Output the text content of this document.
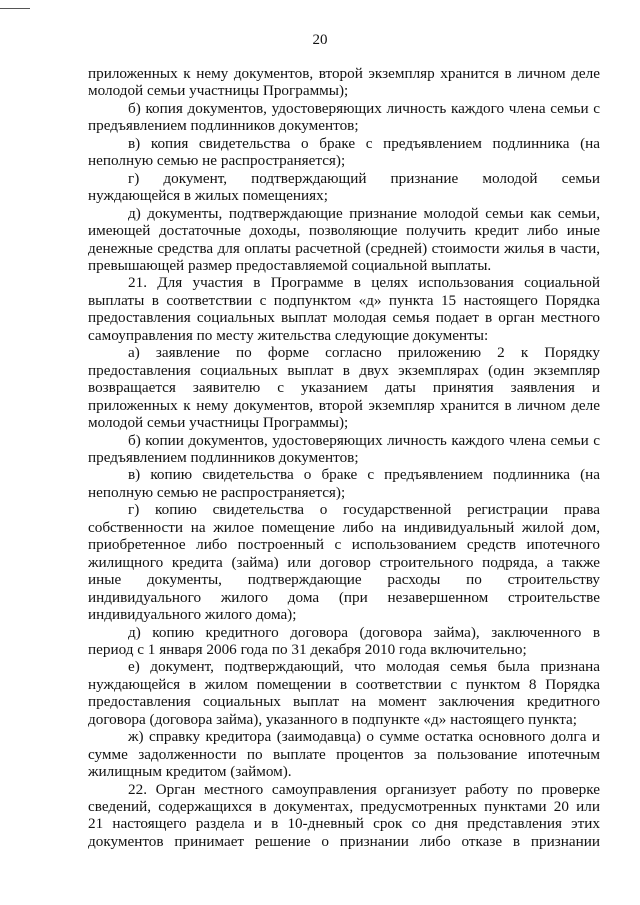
20
приложенных к нему документов, второй экземпляр хранится в личном деле
молодой семьи участницы Программы);
б) копия документов, удостоверяющих личность каждого члена семьи с
предъявлением подлинников документов;
в) копия свидетельства о браке с предъявлением подлинника (на
неполную семью не распространяется);
г) документ, подтверждающий признание молодой семьи
нуждающейся в жилых помещениях;
д) документы, подтверждающие признание молодой семьи как семьи,
имеющей достаточные доходы, позволяющие получить кредит либо иные
денежные средства для оплаты расчетной (средней) стоимости жилья в части,
превышающей размер предоставляемой социальной выплаты.
21. Для участия в Программе в целях использования социальной
выплаты в соответствии с подпунктом «д» пункта 15 настоящего Порядка
предоставления социальных выплат молодая семья подает в орган местного
самоуправления по месту жительства следующие документы:
а) заявление по форме согласно приложению 2 к Порядку
предоставления социальных выплат в двух экземплярах (один экземпляр
возвращается заявителю с указанием даты принятия заявления и
приложенных к нему документов, второй экземпляр хранится в личном деле
молодой семьи участницы Программы);
б) копии документов, удостоверяющих личность каждого члена семьи с
предъявлением подлинников документов;
в) копию свидетельства о браке с предъявлением подлинника (на
неполную семью не распространяется);
г) копию свидетельства о государственной регистрации права
собственности на жилое помещение либо на индивидуальный жилой дом,
приобретенное либо построенный с использованием средств ипотечного
жилищного кредита (займа) или договор строительного подряда, а также
иные документы, подтверждающие расходы по строительству
индивидуального жилого дома (при незавершенном строительстве
индивидуального жилого дома);
д) копию кредитного договора (договора займа), заключенного в
период с 1 января 2006 года по 31 декабря 2010 года включительно;
е) документ, подтверждающий, что молодая семья была признана
нуждающейся в жилом помещении в соответствии с пунктом 8 Порядка
предоставления социальных выплат на момент заключения кредитного
договора (договора займа), указанного в подпункте «д» настоящего пункта;
ж) справку кредитора (заимодавца) о сумме остатка основного долга и
сумме задолженности по выплате процентов за пользование ипотечным
жилищным кредитом (займом).
22. Орган местного самоуправления организует работу по проверке
сведений, содержащихся в документах, предусмотренных пунктами 20 или
21 настоящего раздела и в 10-дневный срок со дня представления этих
документов принимает решение о признании либо отказе в признании
